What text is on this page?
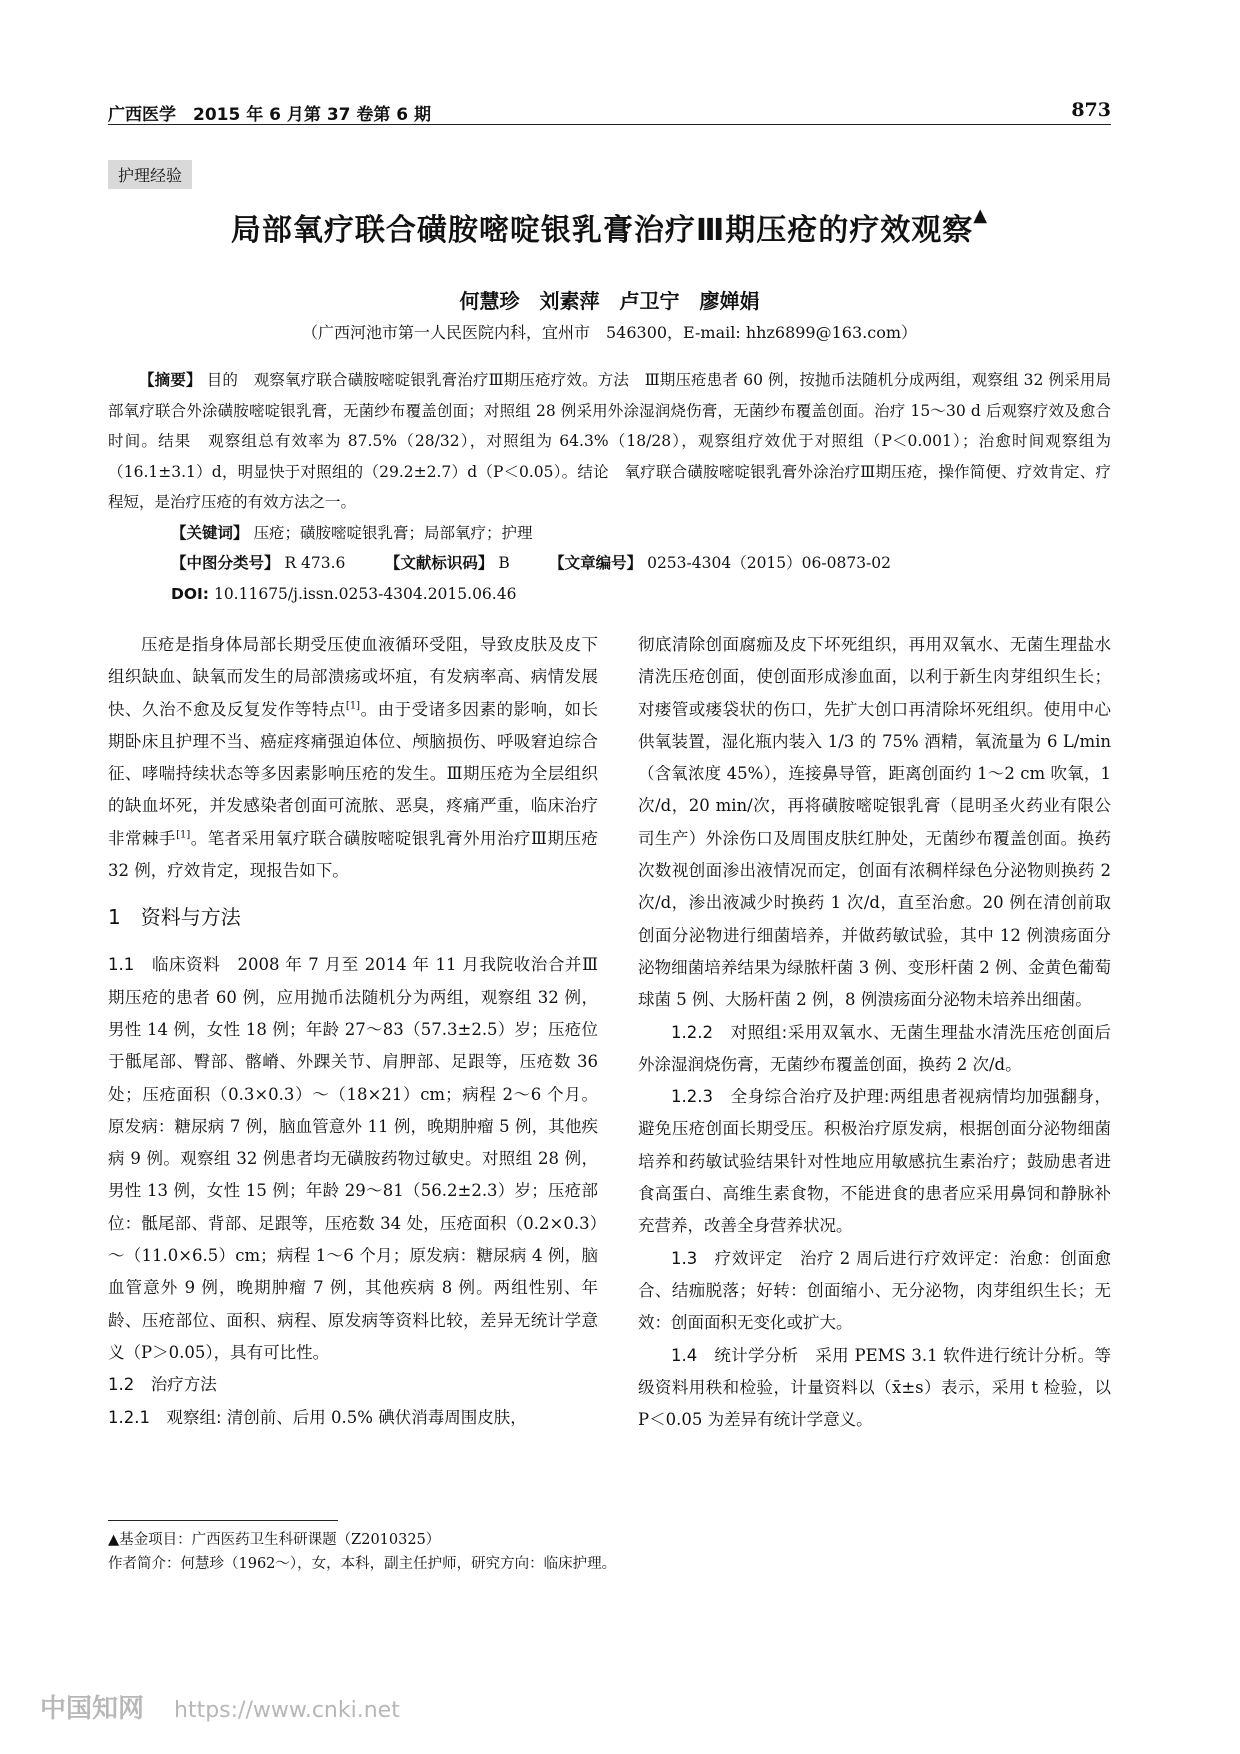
广西医学　2015 年 6 月第 37 卷第 6 期	873
护理经验
局部氧疗联合磺胺嘧啶银乳膏治疗Ⅲ期压疮的疗效观察▲
何慧珍　刘素萍　卢卫宁　廖婵娟
（广西河池市第一人民医院内科，宜州市　546300，E-mail: hhz6899@163.com）

【摘要】 目的　观察氧疗联合磺胺嘧啶银乳膏治疗Ⅲ期压疮疗效。方法　Ⅲ期压疮患者 60 例，按抛币法随机分成两组，观察组 32 例采用局部氧疗联合外涂磺胺嘧啶银乳膏，无菌纱布覆盖创面；对照组 28 例采用外涂湿润烧伤膏，无菌纱布覆盖创面。治疗 15～30 d 后观察疗效及愈合时间。结果　观察组总有效率为 87.5%（28/32），对照组为 64.3%（18/28），观察组疗效优于对照组（P＜0.001）；治愈时间观察组为（16.1±3.1）d，明显快于对照组的（29.2±2.7）d（P＜0.05）。结论　氧疗联合磺胺嘧啶银乳膏外涂治疗Ⅲ期压疮，操作简便、疗效肯定、疗程短，是治疗压疮的有效方法之一。

【关键词】 压疮；磺胺嘧啶银乳膏；局部氧疗；护理

【中图分类号】 R 473.6	【文献标识码】 B	【文章编号】 0253-4304（2015）06-0873-02

DOI: 10.11675/j.issn.0253-4304.2015.06.46

压疮是指身体局部长期受压使血液循环受阻，导致皮肤及皮下组织缺血、缺氧而发生的局部溃疡或坏疽，有发病率高、病情发展快、久治不愈及反复发作等特点[1]。由于受诸多因素的影响，如长期卧床且护理不当、癌症疼痛强迫体位、颅脑损伤、呼吸窘迫综合征、哮喘持续状态等多因素影响压疮的发生。Ⅲ期压疮为全层组织的缺血坏死，并发感染者创面可流脓、恶臭，疼痛严重，临床治疗非常棘手[1]。笔者采用氧疗联合磺胺嘧啶银乳膏外用治疗Ⅲ期压疮 32 例，疗效肯定，现报告如下。

1　资料与方法

1.1　临床资料　 2008 年 7 月至 2014 年 11 月我院收治合并Ⅲ期压疮的患者 60 例，应用抛币法随机分为两组，观察组 32 例，男性 14 例，女性 18 例；年龄 27～83（57.3±2.5）岁；压疮位于骶尾部、臀部、髂嵴、外踝关节、肩胛部、足跟等，压疮数 36 处；压疮面积（0.3×0.3）～（18×21）cm；病程 2～6 个月。原发病：糖尿病 7 例，脑血管意外 11 例，晚期肿瘤 5 例，其他疾病 9 例。观察组 32 例患者均无磺胺药物过敏史。对照组 28 例，男性 13 例，女性 15 例；年龄 29～81（56.2±2.3）岁；压疮部位：骶尾部、背部、足跟等，压疮数 34 处，压疮面积（0.2×0.3）～（11.0×6.5）cm；病程 1～6 个月；原发病：糖尿病 4 例，脑血管意外 9 例，晚期肿瘤 7 例，其他疾病 8 例。两组性别、年龄、压疮部位、面积、病程、原发病等资料比较，差异无统计学意义（P＞0.05），具有可比性。

1.2　治疗方法

1.2.1　观察组: 清创前、后用 0.5% 碘伏消毒周围皮肤，

彻底清除创面腐痂及皮下坏死组织，再用双氧水、无菌生理盐水清洗压疮创面，使创面形成渗血面，以利于新生肉芽组织生长；对瘘管或瘘袋状的伤口，先扩大创口再清除坏死组织。使用中心供氧装置，湿化瓶内装入 1/3 的 75% 酒精，氧流量为 6 L/min（含氧浓度 45%），连接鼻导管，距离创面约 1～2 cm 吹氧，1 次/d，20 min/次，再将磺胺嘧啶银乳膏（昆明圣火药业有限公司生产）外涂伤口及周围皮肤红肿处，无菌纱布覆盖创面。换药次数视创面渗出液情况而定，创面有浓稠样绿色分泌物则换药 2 次/d，渗出液减少时换药 1 次/d，直至治愈。20 例在清创前取创面分泌物进行细菌培养，并做药敏试验，其中 12 例溃疡面分泌物细菌培养结果为绿脓杆菌 3 例、变形杆菌 2 例、金黄色葡萄球菌 5 例、大肠杆菌 2 例，8 例溃疡面分泌物未培养出细菌。

1.2.2　对照组:采用双氧水、无菌生理盐水清洗压疮创面后外涂湿润烧伤膏，无菌纱布覆盖创面，换药 2 次/d。

1.2.3　全身综合治疗及护理:两组患者视病情均加强翻身，避免压疮创面长期受压。积极治疗原发病，根据创面分泌物细菌培养和药敏试验结果针对性地应用敏感抗生素治疗；鼓励患者进食高蛋白、高维生素食物，不能进食的患者应采用鼻饲和静脉补充营养，改善全身营养状况。

1.3　疗效评定　 治疗 2 周后进行疗效评定：治愈：创面愈合、结痂脱落；好转：创面缩小、无分泌物，肉芽组织生长；无效：创面面积无变化或扩大。

1.4　统计学分析　 采用 PEMS 3.1 软件进行统计分析。等级资料用秩和检验，计量资料以（x̄±s）表示，采用 t 检验，以 P＜0.05 为差异有统计学意义。

▲基金项目：广西医药卫生科研课题（Z2010325）

作者简介：何慧珍（1962～），女，本科，副主任护师，研究方向：临床护理。

中国知网 https://www.cnki.net
